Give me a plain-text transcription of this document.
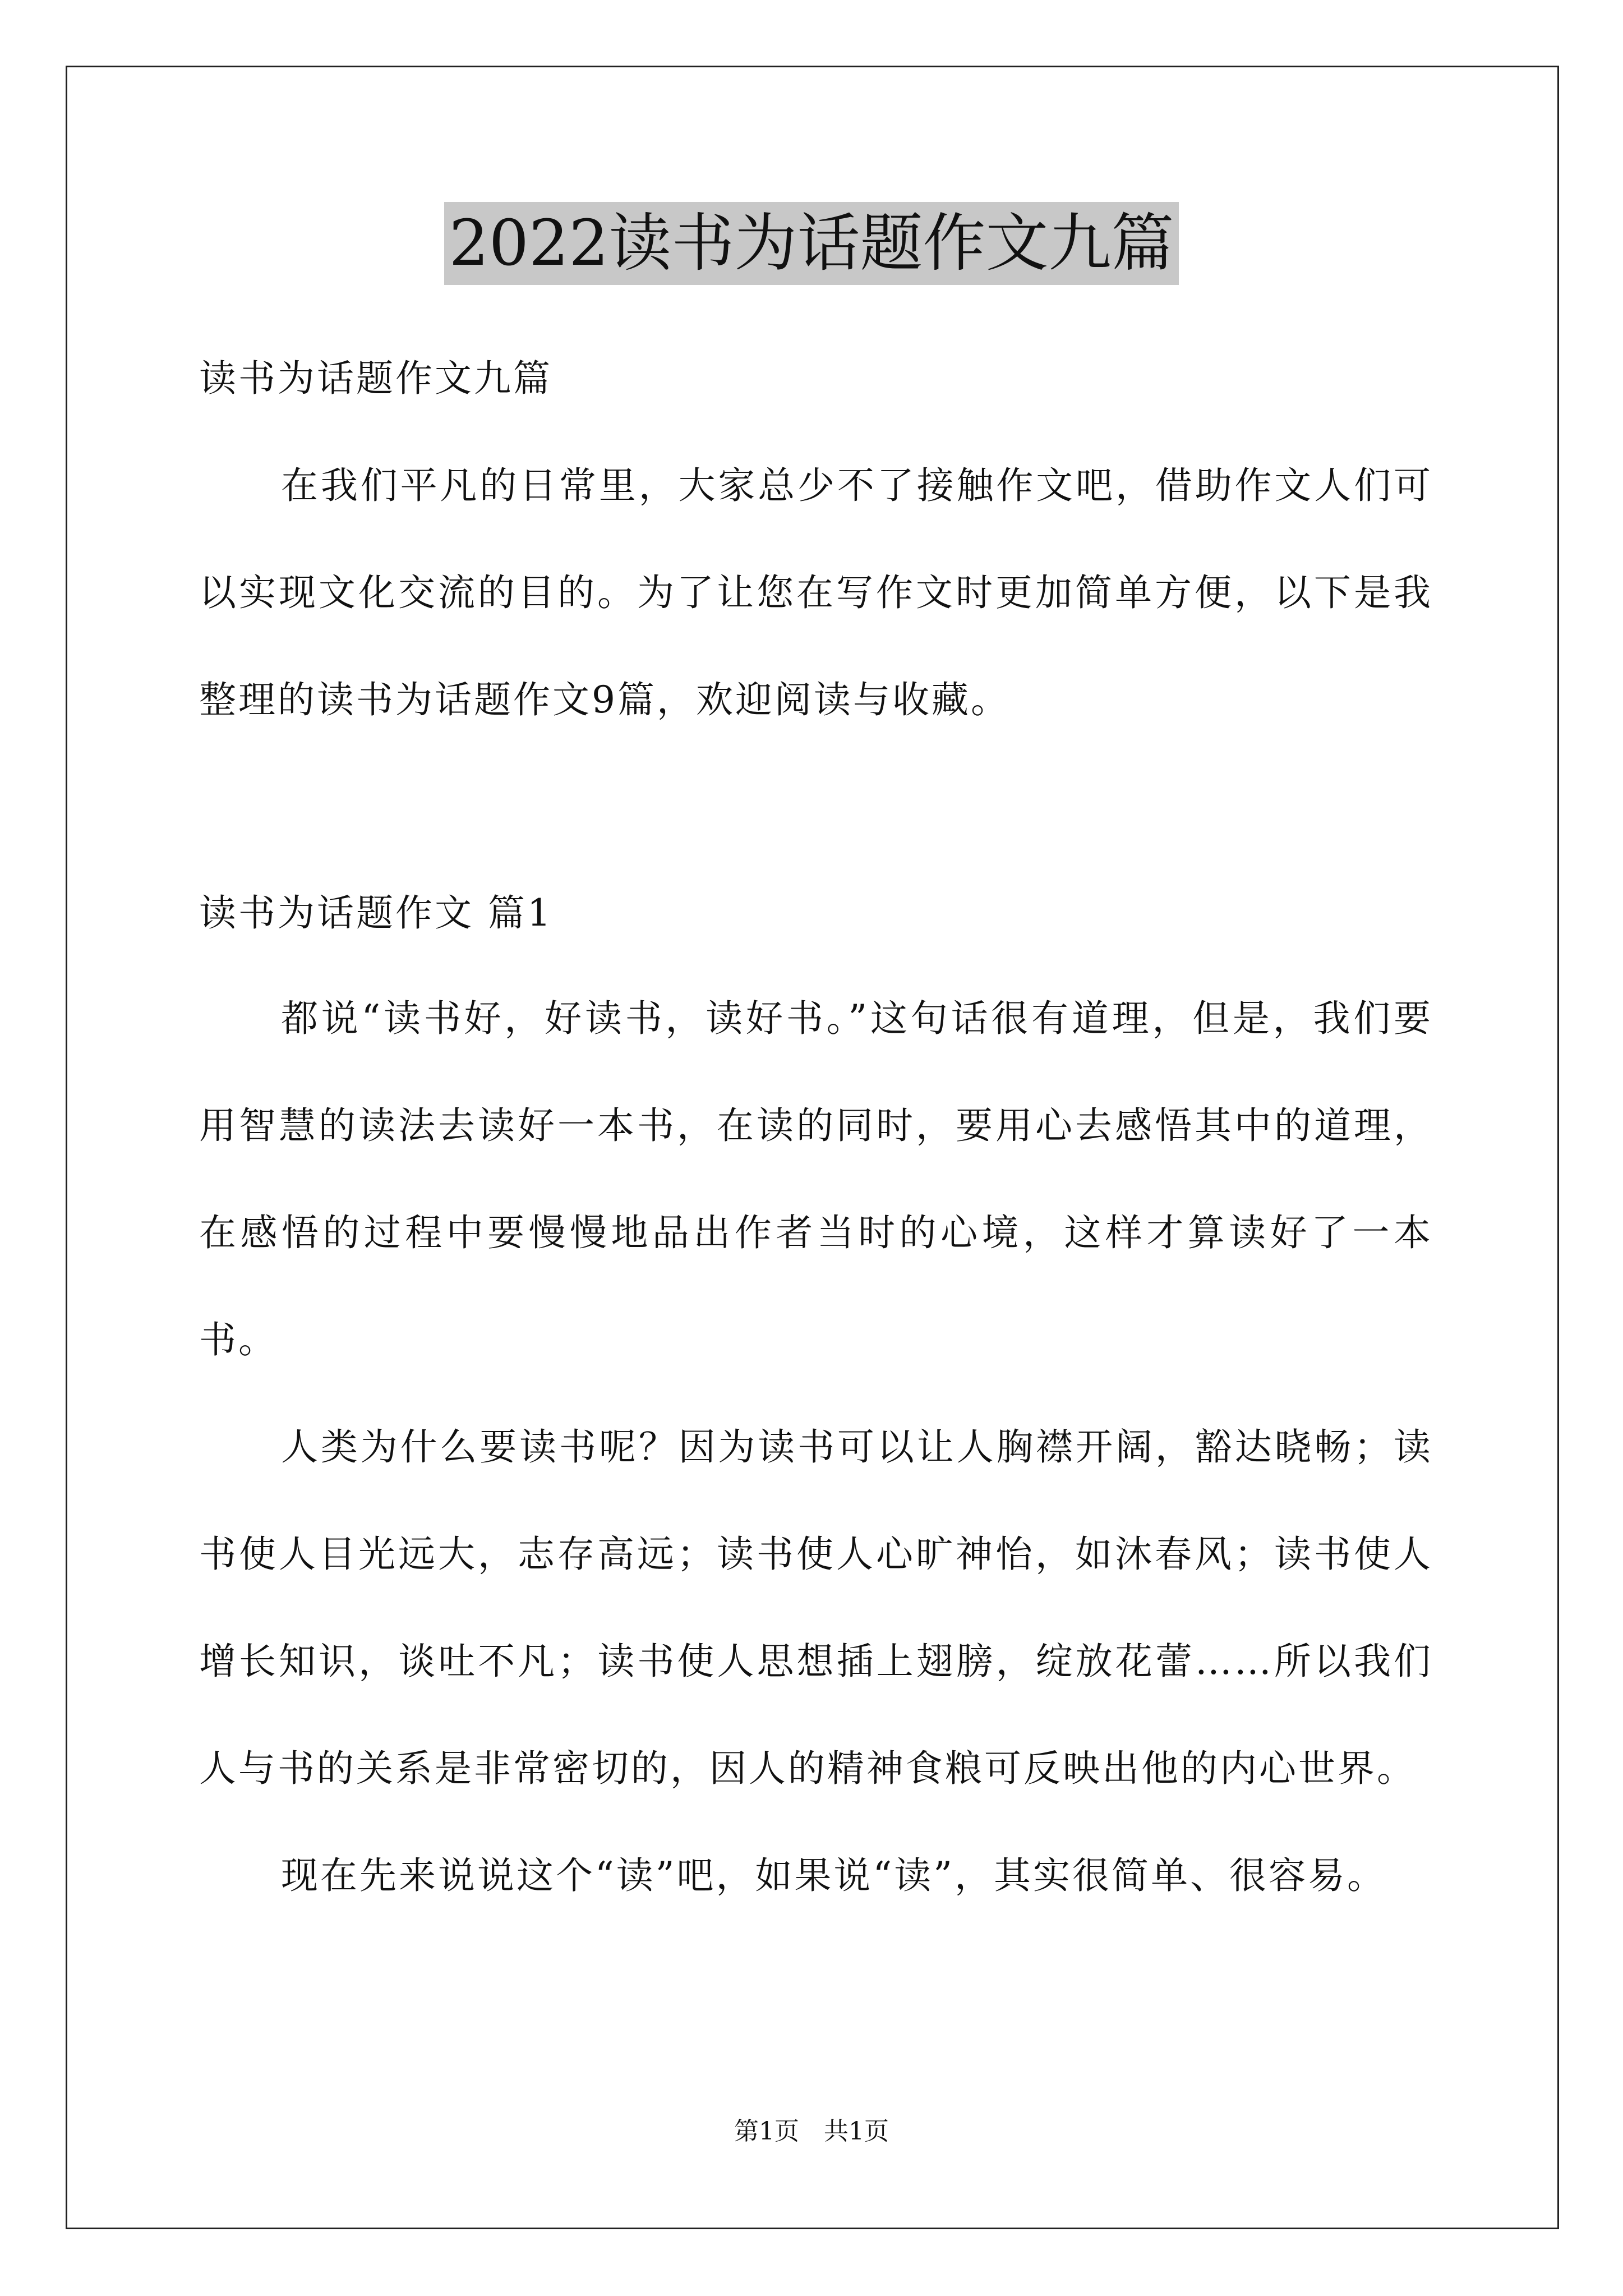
2022读书为话题作文九篇
读书为话题作文九篇

在我们平凡的日常里，大家总少不了接触作文吧，借助作文人们可以实现文化交流的目的。为了让您在写作文时更加简单方便，以下是我整理的读书为话题作文9篇，欢迎阅读与收藏。

读书为话题作文 篇1

都说“读书好，好读书，读好书。”这句话很有道理，但是，我们要用智慧的读法去读好一本书，在读的同时，要用心去感悟其中的道理，在感悟的过程中要慢慢地品出作者当时的心境，这样才算读好了一本书。

人类为什么要读书呢？因为读书可以让人胸襟开阔，豁达晓畅；读书使人目光远大，志存高远；读书使人心旷神怡，如沐春风；读书使人增长知识，谈吐不凡；读书使人思想插上翅膀，绽放花蕾……所以我们人与书的关系是非常密切的，因人的精神食粮可反映出他的内心世界。

现在先来说说这个“读”吧，如果说“读”，其实很简单、很容易。

第1页 共1页
